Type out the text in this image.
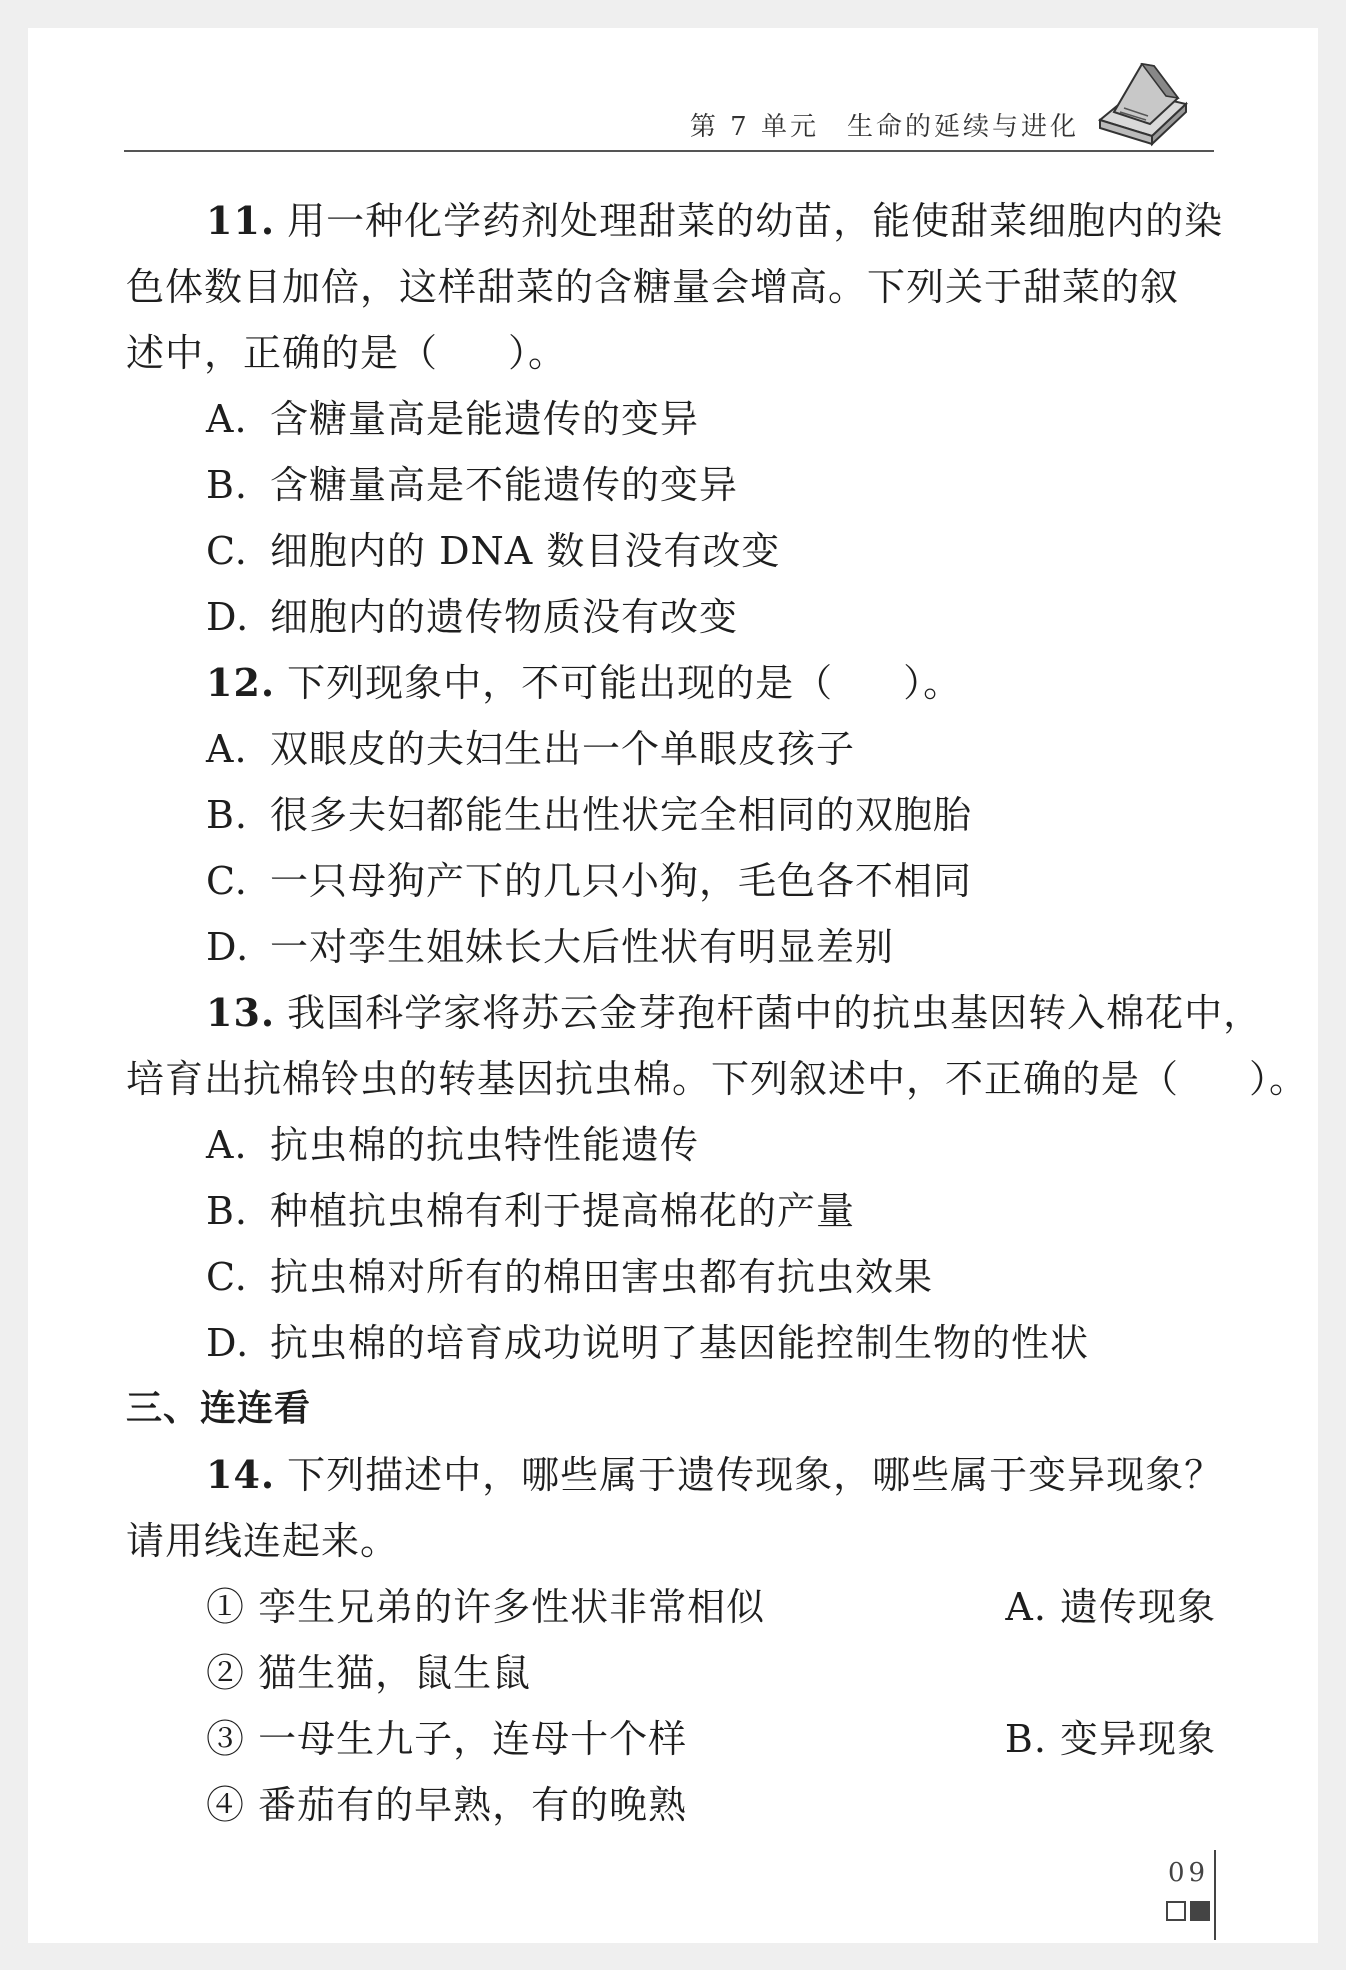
第 7 单元 生命的延续与进化
11. 用一种化学药剂处理甜菜的幼苗，能使甜菜细胞内的染
色体数目加倍，这样甜菜的含糖量会增高。下列关于甜菜的叙
述中，正确的是（ ）。
A. 含糖量高是能遗传的变异
B. 含糖量高是不能遗传的变异
C. 细胞内的 DNA 数目没有改变
D. 细胞内的遗传物质没有改变
12. 下列现象中，不可能出现的是（ ）。
A. 双眼皮的夫妇生出一个单眼皮孩子
B. 很多夫妇都能生出性状完全相同的双胞胎
C. 一只母狗产下的几只小狗，毛色各不相同
D. 一对孪生姐妹长大后性状有明显差别
13. 我国科学家将苏云金芽孢杆菌中的抗虫基因转入棉花中，
培育出抗棉铃虫的转基因抗虫棉。下列叙述中，不正确的是（ ）。
A. 抗虫棉的抗虫特性能遗传
B. 种植抗虫棉有利于提高棉花的产量
C. 抗虫棉对所有的棉田害虫都有抗虫效果
D. 抗虫棉的培育成功说明了基因能控制生物的性状
三、连连看
14. 下列描述中，哪些属于遗传现象，哪些属于变异现象？
请用线连起来。
① 孪生兄弟的许多性状非常相似	A. 遗传现象
② 猫生猫，鼠生鼠
③ 一母生九子，连母十个样	B. 变异现象
④ 番茄有的早熟，有的晚熟
09
